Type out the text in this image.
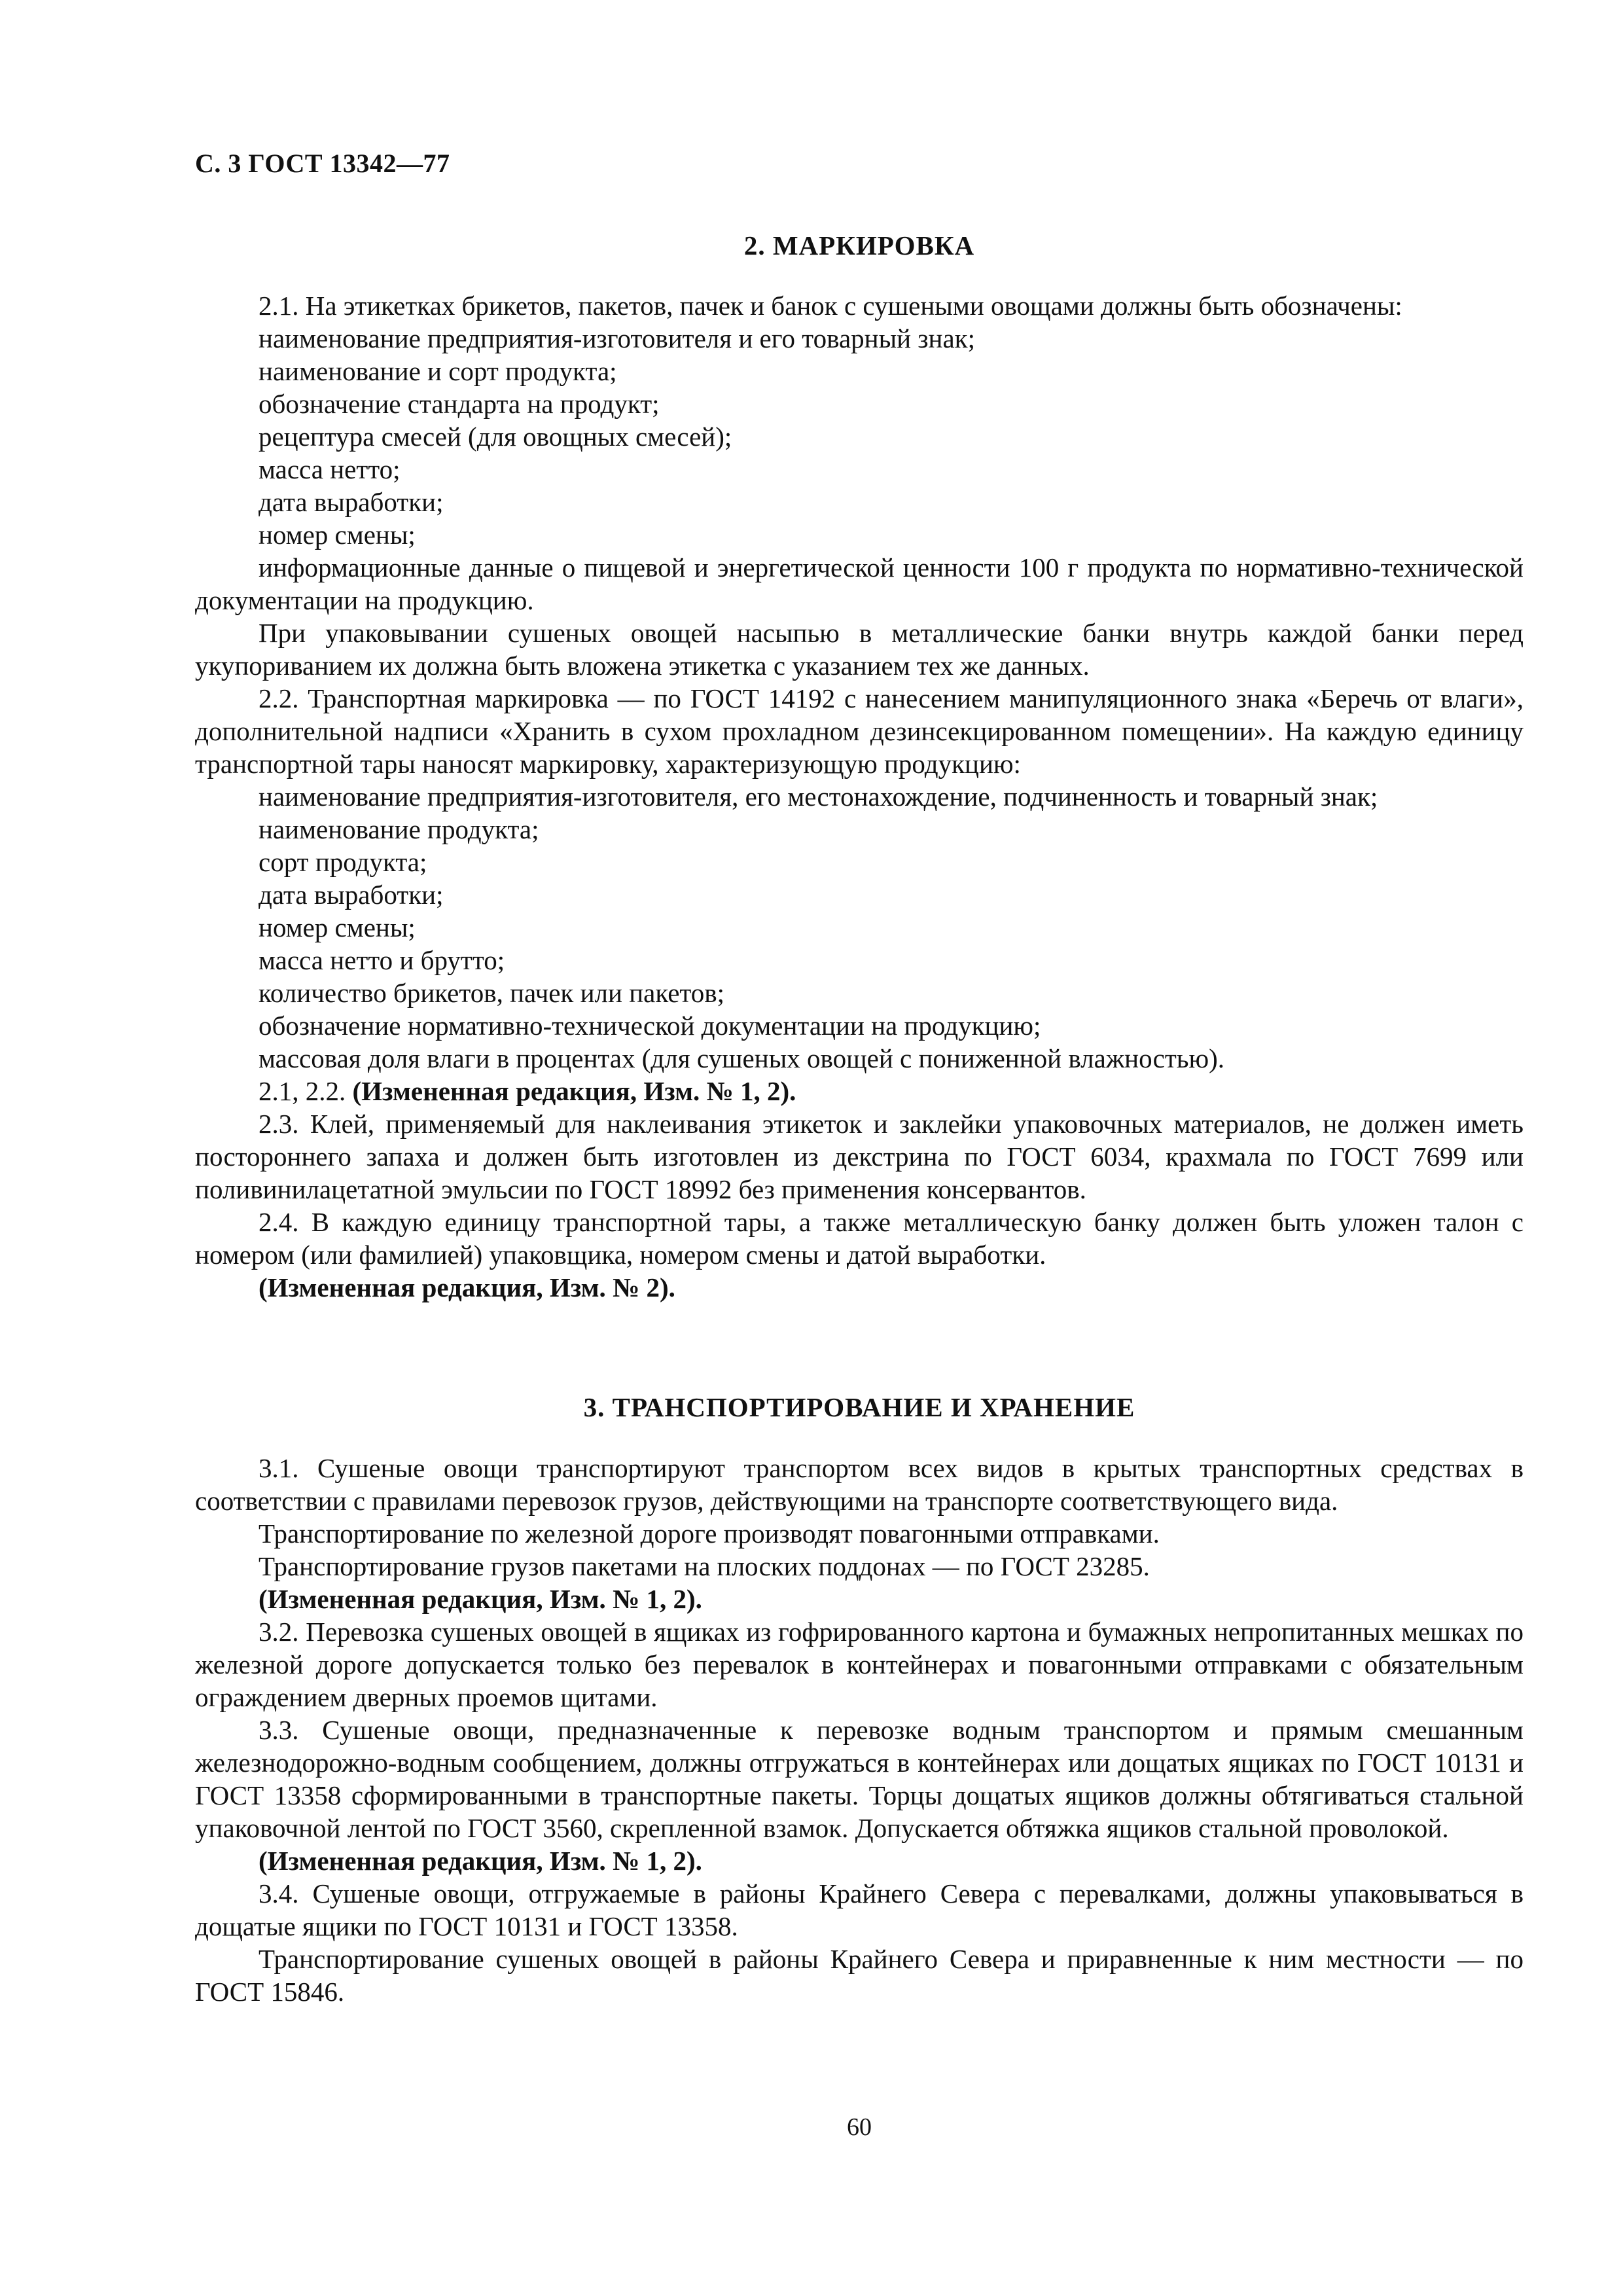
С. 3 ГОСТ 13342—77

2. МАРКИРОВКА

2.1. На этикетках брикетов, пакетов, пачек и банок с сушеными овощами должны быть обозначены:

наименование предприятия-изготовителя и его товарный знак;

наименование и сорт продукта;

обозначение стандарта на продукт;

рецептура смесей (для овощных смесей);

масса нетто;

дата выработки;

номер смены;

информационные данные о пищевой и энергетической ценности 100 г продукта по нормативно-технической документации на продукцию.

При упаковывании сушеных овощей насыпью в металлические банки внутрь каждой банки перед укупориванием их должна быть вложена этикетка с указанием тех же данных.

2.2. Транспортная маркировка — по ГОСТ 14192 с нанесением манипуляционного знака «Беречь от влаги», дополнительной надписи «Хранить в сухом прохладном дезинсекцированном помещении». На каждую единицу транспортной тары наносят маркировку, характеризующую продукцию:

наименование предприятия-изготовителя, его местонахождение, подчиненность и товарный знак;

наименование продукта;

сорт продукта;

дата выработки;

номер смены;

масса нетто и брутто;

количество брикетов, пачек или пакетов;

обозначение нормативно-технической документации на продукцию;

массовая доля влаги в процентах (для сушеных овощей с пониженной влажностью).

2.1, 2.2. (Измененная редакция, Изм. № 1, 2).

2.3. Клей, применяемый для наклеивания этикеток и заклейки упаковочных материалов, не должен иметь постороннего запаха и должен быть изготовлен из декстрина по ГОСТ 6034, крахмала по ГОСТ 7699 или поливинилацетатной эмульсии по ГОСТ 18992 без применения консервантов.

2.4. В каждую единицу транспортной тары, а также металлическую банку должен быть уложен талон с номером (или фамилией) упаковщика, номером смены и датой выработки.

(Измененная редакция, Изм. № 2).

3. ТРАНСПОРТИРОВАНИЕ И ХРАНЕНИЕ

3.1. Сушеные овощи транспортируют транспортом всех видов в крытых транспортных средствах в соответствии с правилами перевозок грузов, действующими на транспорте соответствующего вида.

Транспортирование по железной дороге производят повагонными отправками.

Транспортирование грузов пакетами на плоских поддонах — по ГОСТ 23285.

(Измененная редакция, Изм. № 1, 2).

3.2. Перевозка сушеных овощей в ящиках из гофрированного картона и бумажных непропитанных мешках по железной дороге допускается только без перевалок в контейнерах и повагонными отправками с обязательным ограждением дверных проемов щитами.

3.3. Сушеные овощи, предназначенные к перевозке водным транспортом и прямым смешанным железнодорожно-водным сообщением, должны отгружаться в контейнерах или дощатых ящиках по ГОСТ 10131 и ГОСТ 13358 сформированными в транспортные пакеты. Торцы дощатых ящиков должны обтягиваться стальной упаковочной лентой по ГОСТ 3560, скрепленной взамок. Допускается обтяжка ящиков стальной проволокой.

(Измененная редакция, Изм. № 1, 2).

3.4. Сушеные овощи, отгружаемые в районы Крайнего Севера с перевалками, должны упаковываться в дощатые ящики по ГОСТ 10131 и ГОСТ 13358.

Транспортирование сушеных овощей в районы Крайнего Севера и приравненные к ним местности — по ГОСТ 15846.

60
